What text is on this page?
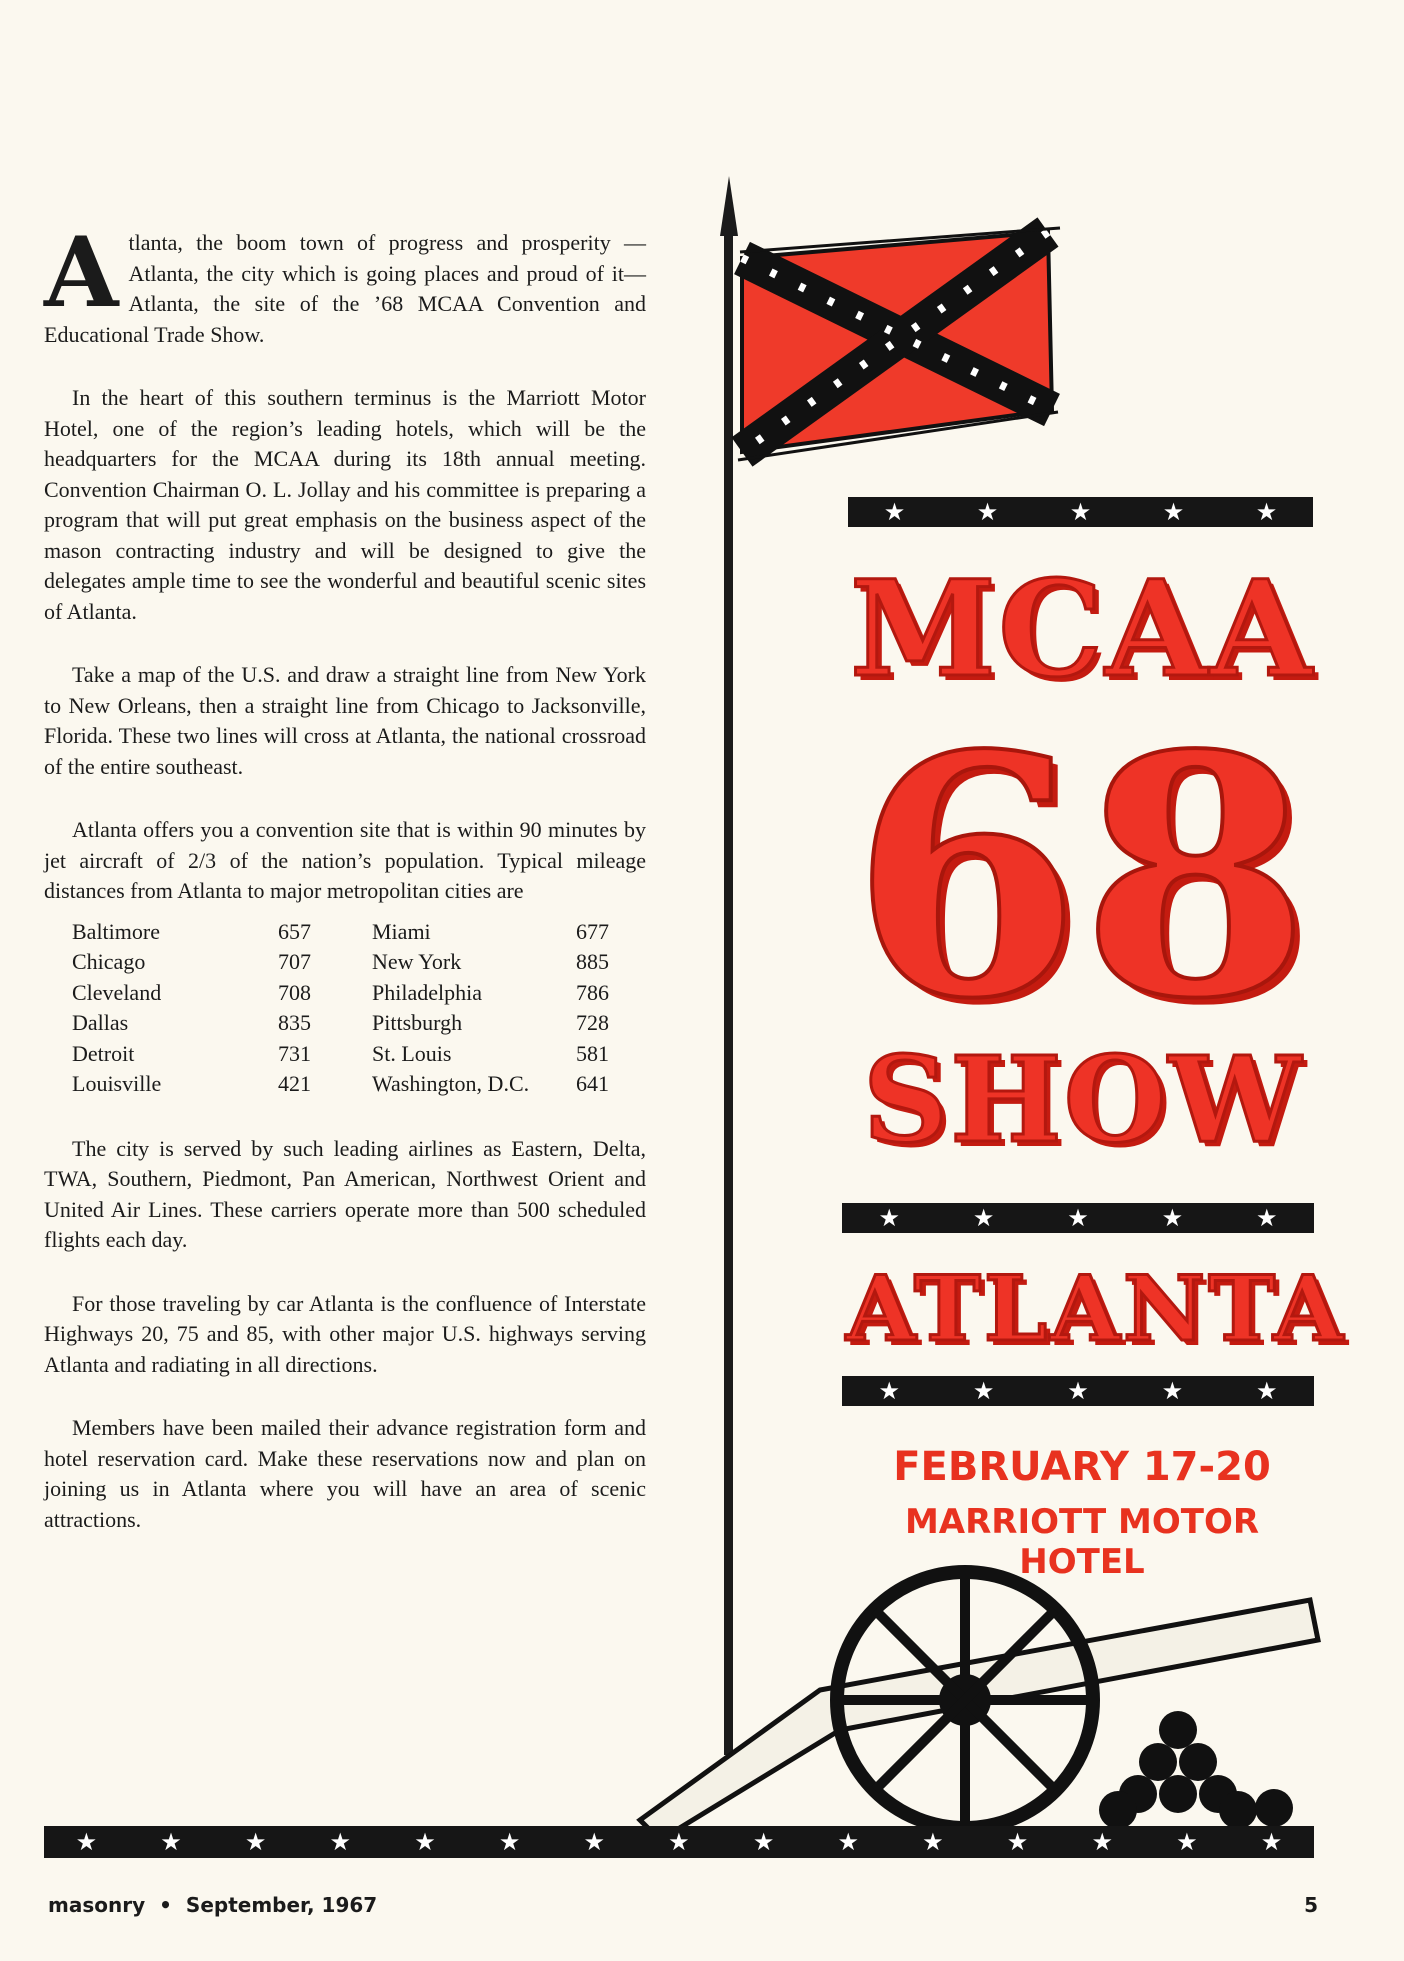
Atlanta, the boom town of progress and prosperity —Atlanta, the city which is going places and proud of it—Atlanta, the site of the ’68 MCAA Convention and Educational Trade Show.

In the heart of this southern terminus is the Marriott Motor Hotel, one of the region’s leading hotels, which will be the headquarters for the MCAA during its 18th annual meeting. Convention Chairman O. L. Jollay and his committee is preparing a program that will put great emphasis on the business aspect of the mason contracting industry and will be designed to give the delegates ample time to see the wonderful and beautiful scenic sites of Atlanta.

Take a map of the U.S. and draw a straight line from New York to New Orleans, then a straight line from Chicago to Jacksonville, Florida. These two lines will cross at Atlanta, the national crossroad of the entire southeast.

Atlanta offers you a convention site that is within 90 minutes by jet aircraft of 2/3 of the nation’s population. Typical mileage distances from Atlanta to major metropolitan cities are

Baltimore	657	Miami	677
Chicago	707	New York	885
Cleveland	708	Philadelphia	786
Dallas	835	Pittsburgh	728
Detroit	731	St. Louis	581
Louisville	421	Washington, D.C.	641

The city is served by such leading airlines as Eastern, Delta, TWA, Southern, Piedmont, Pan American, Northwest Orient and United Air Lines. These carriers operate more than 500 scheduled flights each day.

For those traveling by car Atlanta is the confluence of Interstate Highways 20, 75 and 85, with other major U.S. highways serving Atlanta and radiating in all directions.

Members have been mailed their advance registration form and hotel reservation card. Make these reservations now and plan on joining us in Atlanta where you will have an area of scenic attractions.

★	★	★	★	★
MCAA
68
SHOW
★	★	★	★	★
ATLANTA
★	★	★	★	★
FEBRUARY 17-20
MARRIOTT MOTOR HOTEL
★	★	★	★	★	★	★	★	★	★	★	★	★	★	★
masonry • September, 1967	5
